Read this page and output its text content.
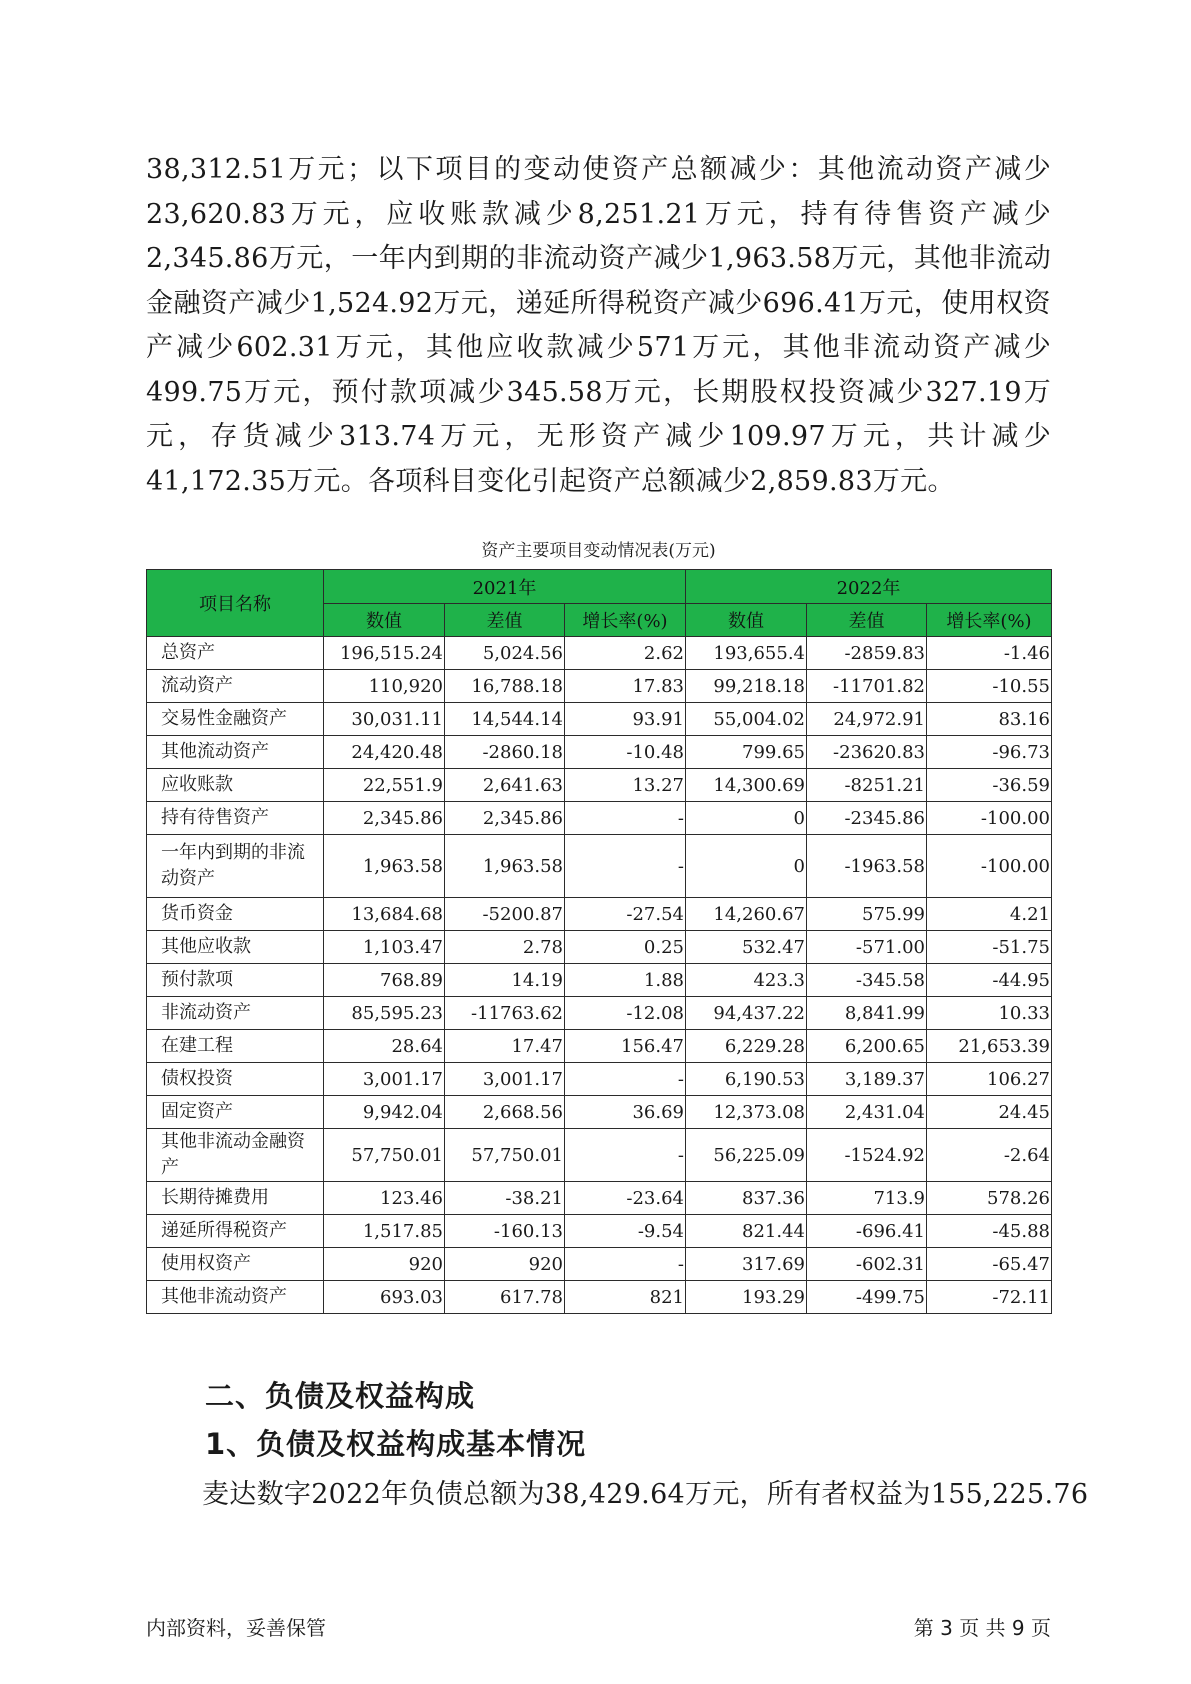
38,312.51万元；以下项目的变动使资产总额减少：其他流动资产减少23,620.83万元，应收账款减少8,251.21万元，持有待售资产减少2,345.86万元，一年内到期的非流动资产减少1,963.58万元，其他非流动金融资产减少1,524.92万元，递延所得税资产减少696.41万元，使用权资产减少602.31万元，其他应收款减少571万元，其他非流动资产减少499.75万元，预付款项减少345.58万元，长期股权投资减少327.19万元，存货减少313.74万元，无形资产减少109.97万元，共计减少41,172.35万元。各项科目变化引起资产总额减少2,859.83万元。

资产主要项目变动情况表(万元)
项目名称	2021年			2022年		
	数值	差值	增长率(%)	数值	差值	增长率(%)
总资产	196,515.24	5,024.56	2.62	193,655.4	-2859.83	-1.46
流动资产	110,920	16,788.18	17.83	99,218.18	-11701.82	-10.55
交易性金融资产	30,031.11	14,544.14	93.91	55,004.02	24,972.91	83.16
其他流动资产	24,420.48	-2860.18	-10.48	799.65	-23620.83	-96.73
应收账款	22,551.9	2,641.63	13.27	14,300.69	-8251.21	-36.59
持有待售资产	2,345.86	2,345.86	-	0	-2345.86	-100.00
一年内到期的非流动资产	1,963.58	1,963.58	-	0	-1963.58	-100.00
货币资金	13,684.68	-5200.87	-27.54	14,260.67	575.99	4.21
其他应收款	1,103.47	2.78	0.25	532.47	-571.00	-51.75
预付款项	768.89	14.19	1.88	423.3	-345.58	-44.95
非流动资产	85,595.23	-11763.62	-12.08	94,437.22	8,841.99	10.33
在建工程	28.64	17.47	156.47	6,229.28	6,200.65	21,653.39
债权投资	3,001.17	3,001.17	-	6,190.53	3,189.37	106.27
固定资产	9,942.04	2,668.56	36.69	12,373.08	2,431.04	24.45
其他非流动金融资产	57,750.01	57,750.01	-	56,225.09	-1524.92	-2.64
长期待摊费用	123.46	-38.21	-23.64	837.36	713.9	578.26
递延所得税资产	1,517.85	-160.13	-9.54	821.44	-696.41	-45.88
使用权资产	920	920	-	317.69	-602.31	-65.47
其他非流动资产	693.03	617.78	821	193.29	-499.75	-72.11
二、负债及权益构成
1、负债及权益构成基本情况

麦达数字2022年负债总额为38,429.64万元，所有者权益为155,225.76

内部资料，妥善保管	第 3 页 共 9 页
